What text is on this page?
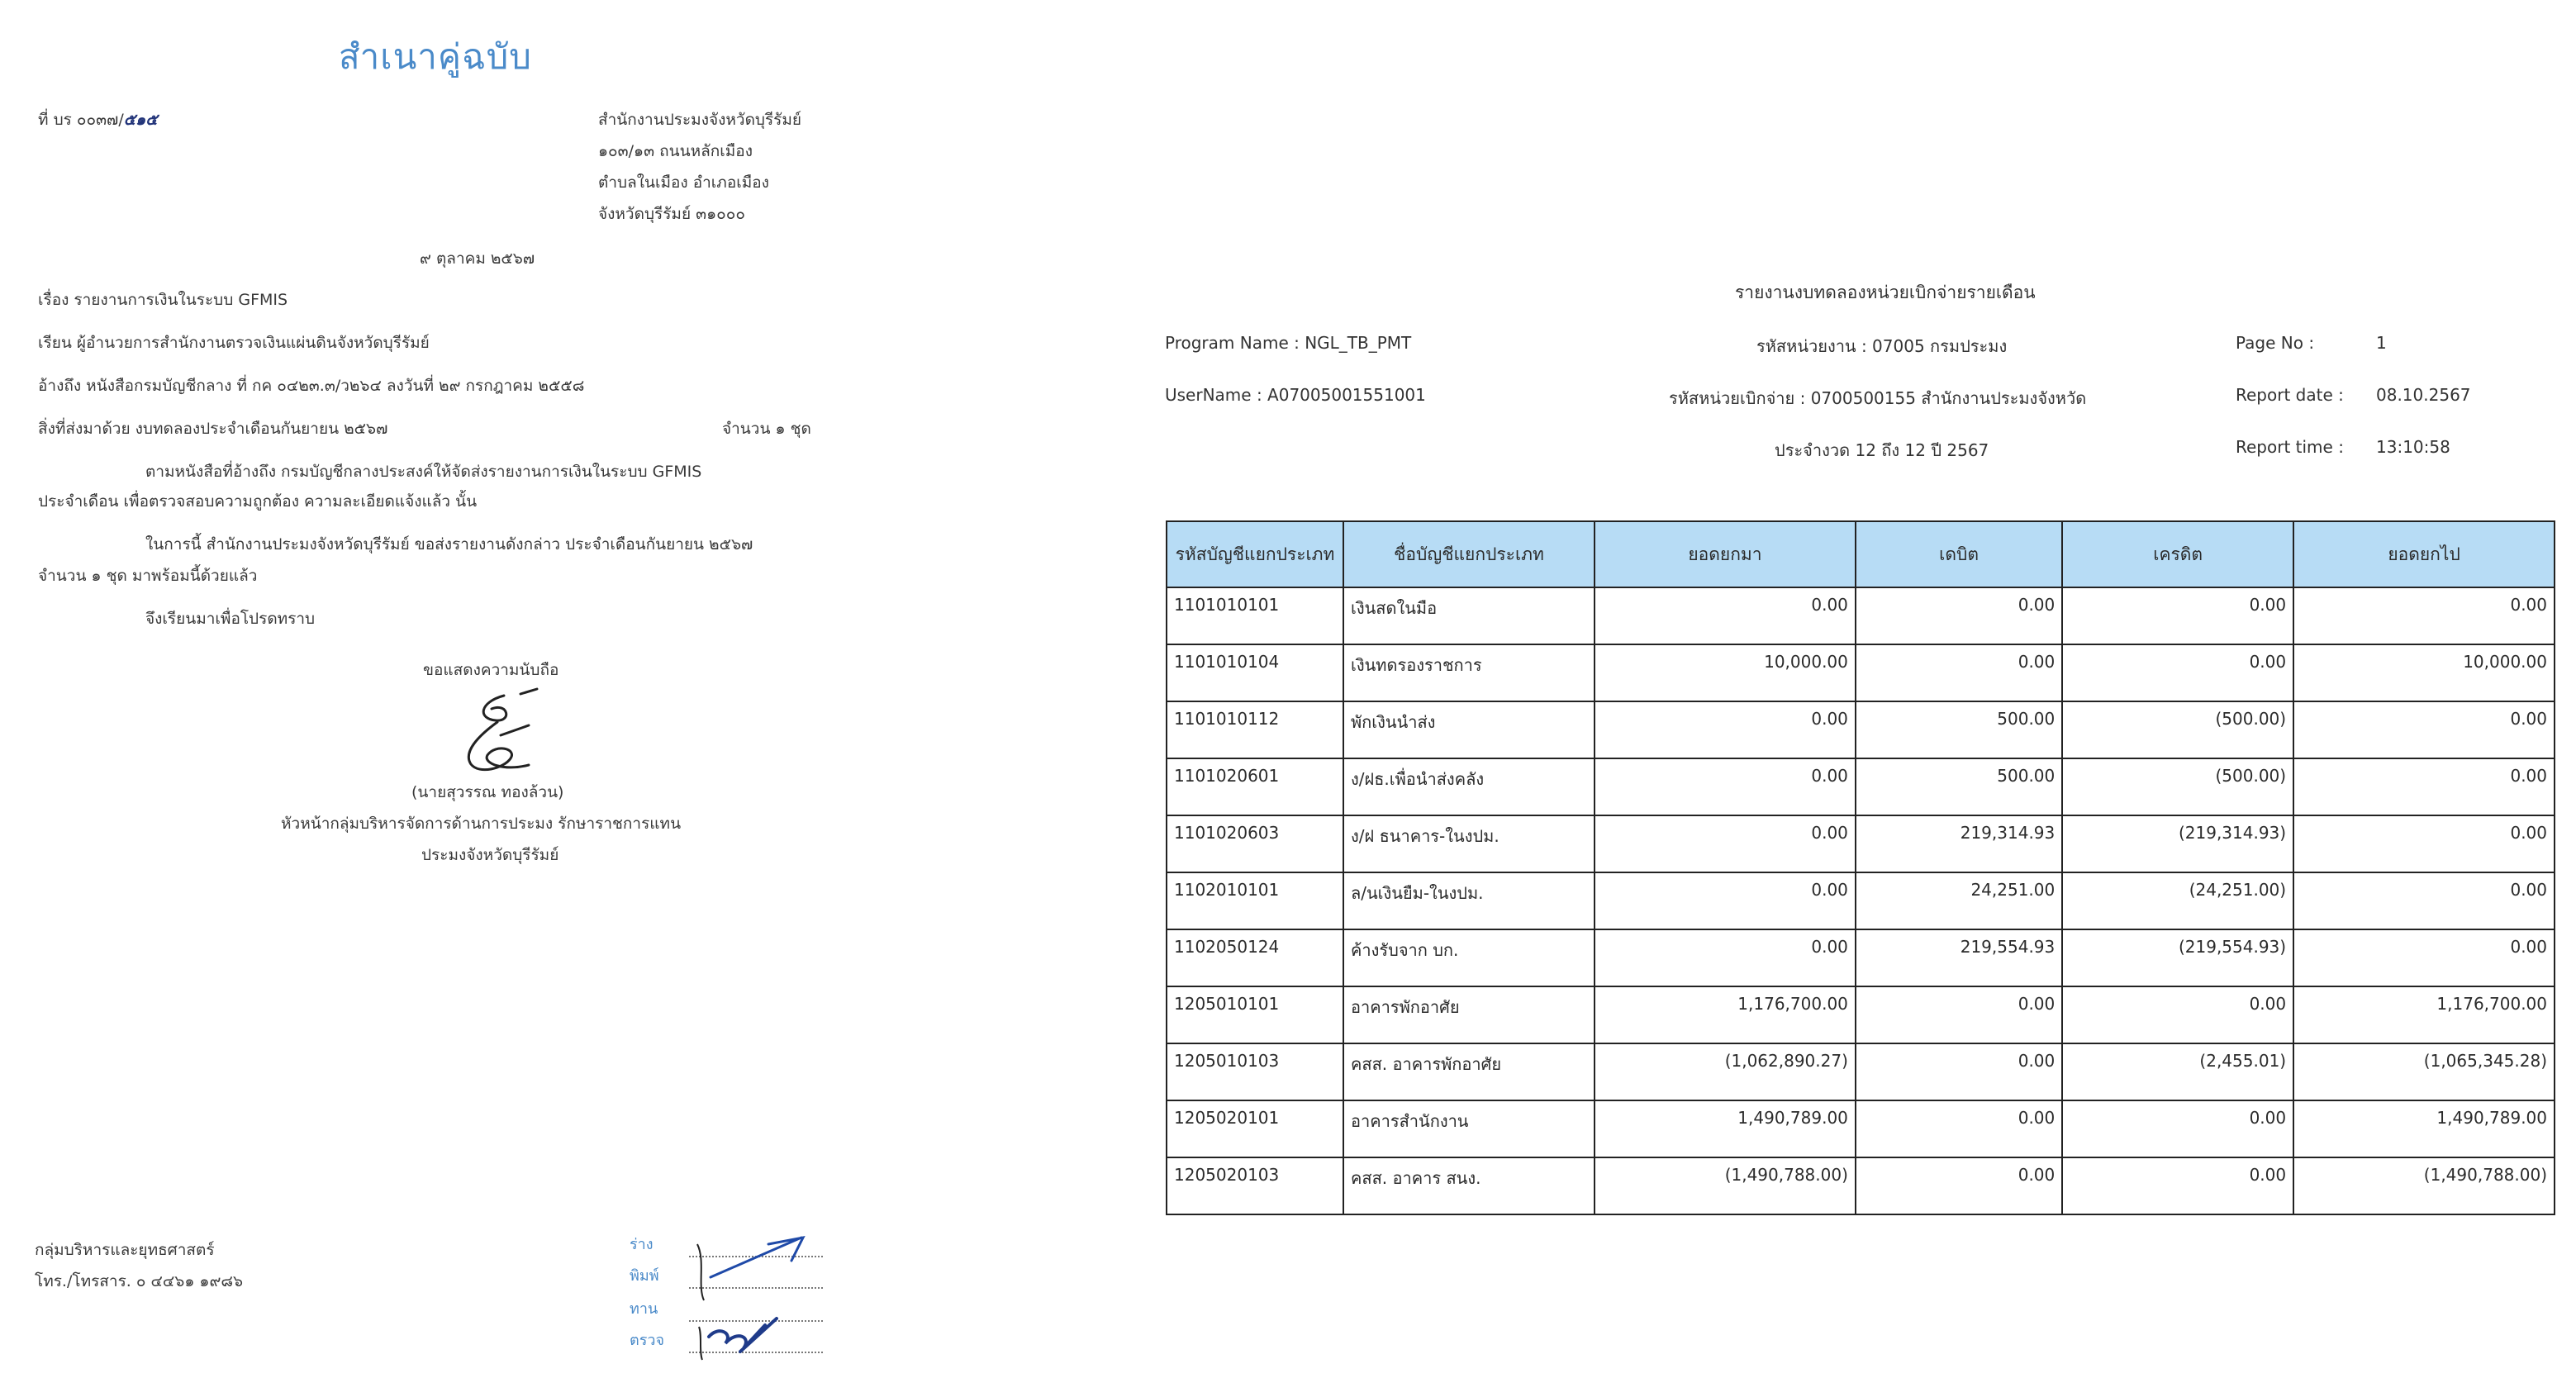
สำเนาคู่ฉบับ
ที่ บร ๐๐๓๗/๕๑๕	สำนักงานประมงจังหวัดบุรีรัมย์
๑๐๓/๑๓ ถนนหลักเมือง
ตำบลในเมือง อำเภอเมือง
จังหวัดบุรีรัมย์ ๓๑๐๐๐
๙ ตุลาคม ๒๕๖๗
เรื่อง รายงานการเงินในระบบ GFMIS
เรียน ผู้อำนวยการสำนักงานตรวจเงินแผ่นดินจังหวัดบุรีรัมย์
อ้างถึง หนังสือกรมบัญชีกลาง ที่ กค ๐๔๒๓.๓/ว๒๖๔ ลงวันที่ ๒๙ กรกฎาคม ๒๕๕๘
สิ่งที่ส่งมาด้วย งบทดลองประจำเดือนกันยายน ๒๕๖๗	จำนวน ๑ ชุด
ตามหนังสือที่อ้างถึง กรมบัญชีกลางประสงค์ให้จัดส่งรายงานการเงินในระบบ GFMIS
ประจำเดือน เพื่อตรวจสอบความถูกต้อง ความละเอียดแจ้งแล้ว นั้น
ในการนี้ สำนักงานประมงจังหวัดบุรีรัมย์ ขอส่งรายงานดังกล่าว ประจำเดือนกันยายน ๒๕๖๗
จำนวน ๑ ชุด มาพร้อมนี้ด้วยแล้ว
จึงเรียนมาเพื่อโปรดทราบ
ขอแสดงความนับถือ
(นายสุวรรณ ทองล้วน)
หัวหน้ากลุ่มบริหารจัดการด้านการประมง รักษาราชการแทน
ประมงจังหวัดบุรีรัมย์
กลุ่มบริหารและยุทธศาสตร์
โทร./โทรสาร. ๐ ๔๔๖๑ ๑๙๘๖
ร่าง
พิมพ์
ทาน
ตรวจ
รายงานงบทดลองหน่วยเบิกจ่ายรายเดือน
Program Name : NGL_TB_PMT	รหัสหน่วยงาน : 07005 กรมประมง	Page No :	1
UserName : A07005001551001	รหัสหน่วยเบิกจ่าย : 0700500155 สำนักงานประมงจังหวัด	Report date : 08.10.2567
ประจำงวด 12 ถึง 12 ปี 2567	Report time : 13:10:58
รหัสบัญชีแยกประเภท	ชื่อบัญชีแยกประเภท	ยอดยกมา	เดบิต	เครดิต	ยอดยกไป
1101010101	เงินสดในมือ	0.00	0.00	0.00	0.00
1101010104	เงินทดรองราชการ	10,000.00	0.00	0.00	10,000.00
1101010112	พักเงินนำส่ง	0.00	500.00	(500.00)	0.00
1101020601	ง/ฝธ.เพื่อนำส่งคลัง	0.00	500.00	(500.00)	0.00
1101020603	ง/ฝ ธนาคาร-ในงปม.	0.00	219,314.93	(219,314.93)	0.00
1102010101	ล/นเงินยืม-ในงปม.	0.00	24,251.00	(24,251.00)	0.00
1102050124	ค้างรับจาก บก.	0.00	219,554.93	(219,554.93)	0.00
1205010101	อาคารพักอาศัย	1,176,700.00	0.00	0.00	1,176,700.00
1205010103	คสส. อาคารพักอาศัย	(1,062,890.27)	0.00	(2,455.01)	(1,065,345.28)
1205020101	อาคารสำนักงาน	1,490,789.00	0.00	0.00	1,490,789.00
1205020103	คสส. อาคาร สนง.	(1,490,788.00)	0.00	0.00	(1,490,788.00)
